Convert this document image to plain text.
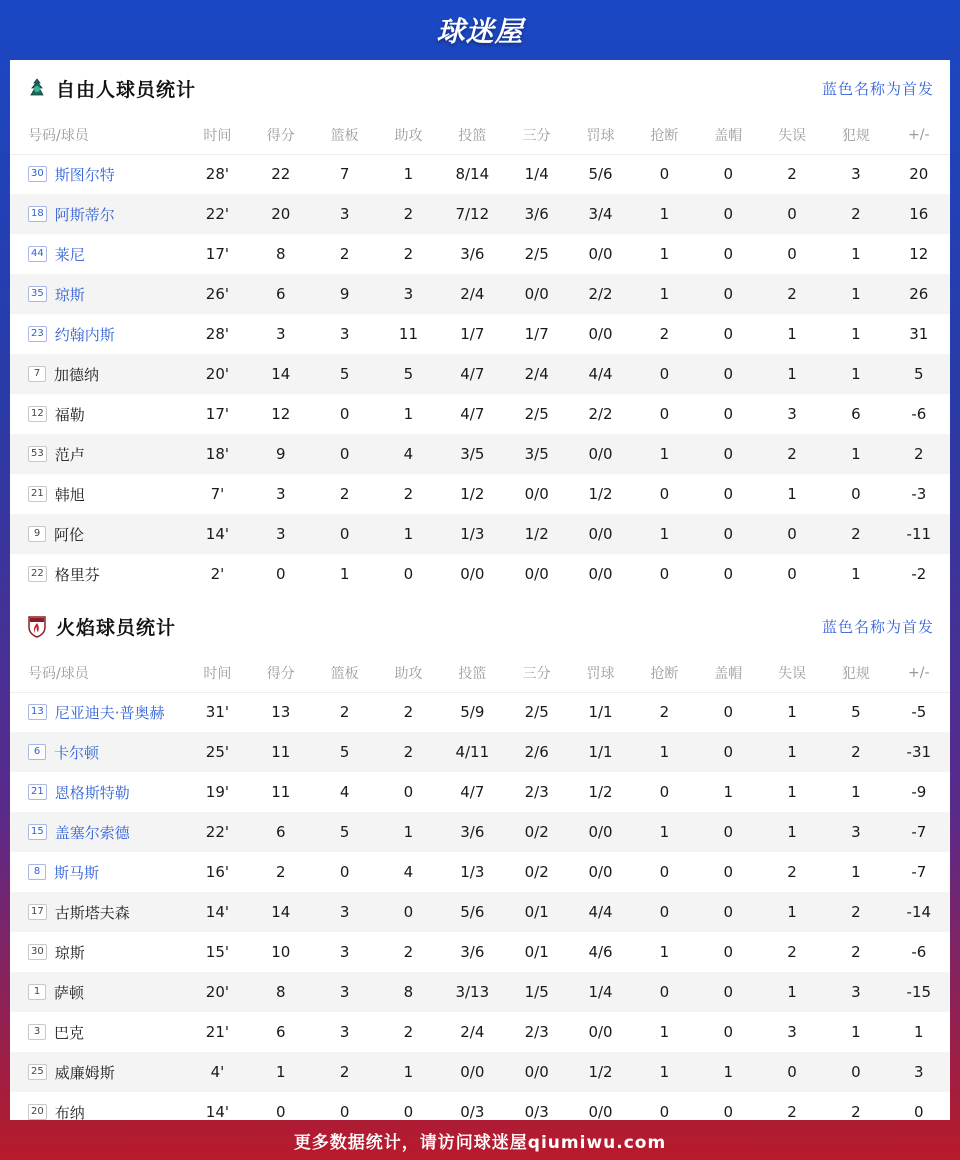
球迷屋
自由人球员统计	蓝色名称为首发
号码/球员	时间	得分	篮板	助攻	投篮	三分	罚球	抢断	盖帽	失误	犯规	+/-
30 斯图尔特	28'	22	7	1	8/14	1/4	5/6	0	0	2	3	20
18 阿斯蒂尔	22'	20	3	2	7/12	3/6	3/4	1	0	0	2	16
44 莱尼	17'	8	2	2	3/6	2/5	0/0	1	0	0	1	12
35 琼斯	26'	6	9	3	2/4	0/0	2/2	1	0	2	1	26
23 约翰内斯	28'	3	3	11	1/7	1/7	0/0	2	0	1	1	31
7 加德纳	20'	14	5	5	4/7	2/4	4/4	0	0	1	1	5
12 福勒	17'	12	0	1	4/7	2/5	2/2	0	0	3	6	-6
53 范卢	18'	9	0	4	3/5	3/5	0/0	1	0	2	1	2
21 韩旭	7'	3	2	2	1/2	0/0	1/2	0	0	1	0	-3
9 阿伦	14'	3	0	1	1/3	1/2	0/0	1	0	0	2	-11
22 格里芬	2'	0	1	0	0/0	0/0	0/0	0	0	0	1	-2
火焰球员统计	蓝色名称为首发
号码/球员	时间	得分	篮板	助攻	投篮	三分	罚球	抢断	盖帽	失误	犯规	+/-
13 尼亚迪夫·普奥赫	31'	13	2	2	5/9	2/5	1/1	2	0	1	5	-5
6 卡尔顿	25'	11	5	2	4/11	2/6	1/1	1	0	1	2	-31
21 恩格斯特勒	19'	11	4	0	4/7	2/3	1/2	0	1	1	1	-9
15 盖塞尔索德	22'	6	5	1	3/6	0/2	0/0	1	0	1	3	-7
8 斯马斯	16'	2	0	4	1/3	0/2	0/0	0	0	2	1	-7
17 古斯塔夫森	14'	14	3	0	5/6	0/1	4/4	0	0	1	2	-14
30 琼斯	15'	10	3	2	3/6	0/1	4/6	1	0	2	2	-6
1 萨顿	20'	8	3	8	3/13	1/5	1/4	0	0	1	3	-15
3 巴克	21'	6	3	2	2/4	2/3	0/0	1	0	3	1	1
25 威廉姆斯	4'	1	2	1	0/0	0/0	1/2	1	1	0	0	3
20 布纳	14'	0	0	0	0/3	0/3	0/0	0	0	2	2	0
更多数据统计，请访问球迷屋qiumiwu.com
